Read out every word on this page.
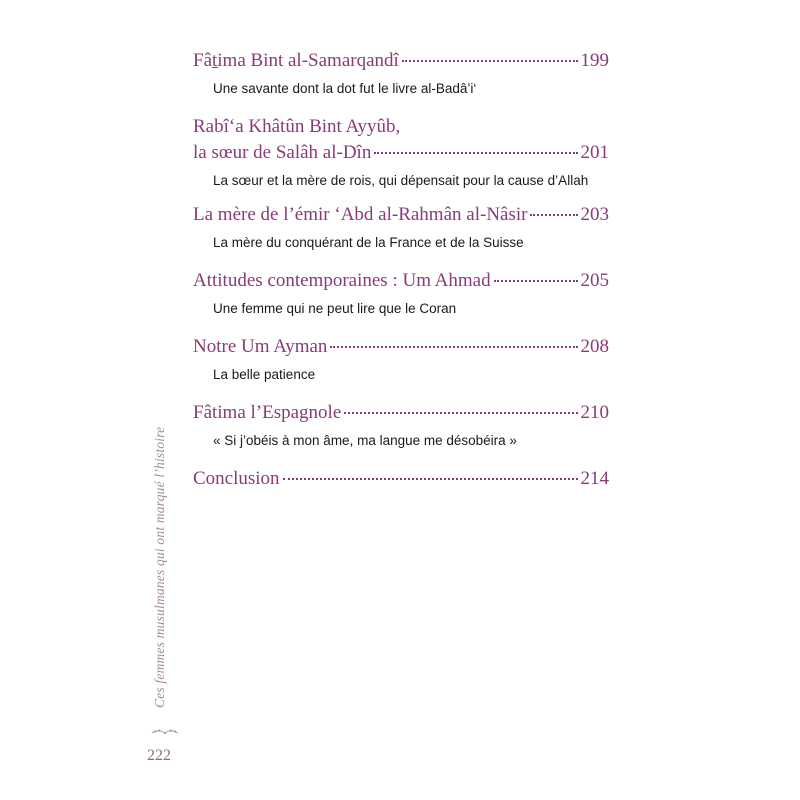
Fâṯima Bint al-Samarqandî	199
Une savante dont la dot fut le livre al-Badâ’i‘
Rabî‘a Khâtûn Bint Ayyûb,
la sœur de Salâh al-Dîn	201
La sœur et la mère de rois, qui dépensait pour la cause d’Allah
La mère de l’émir ‘Abd al-Rahmân al-Nâsir	203
La mère du conquérant de la France et de la Suisse
Attitudes contemporaines : Um Ahmad	205
Une femme qui ne peut lire que le Coran
Notre Um Ayman	208
La belle patience
Fâtima l’Espagnole	210
« Si j’obéis à mon âme, ma langue me désobéira »
Conclusion	214
Ces femmes musulmanes qui ont marqué l’histoire
222
